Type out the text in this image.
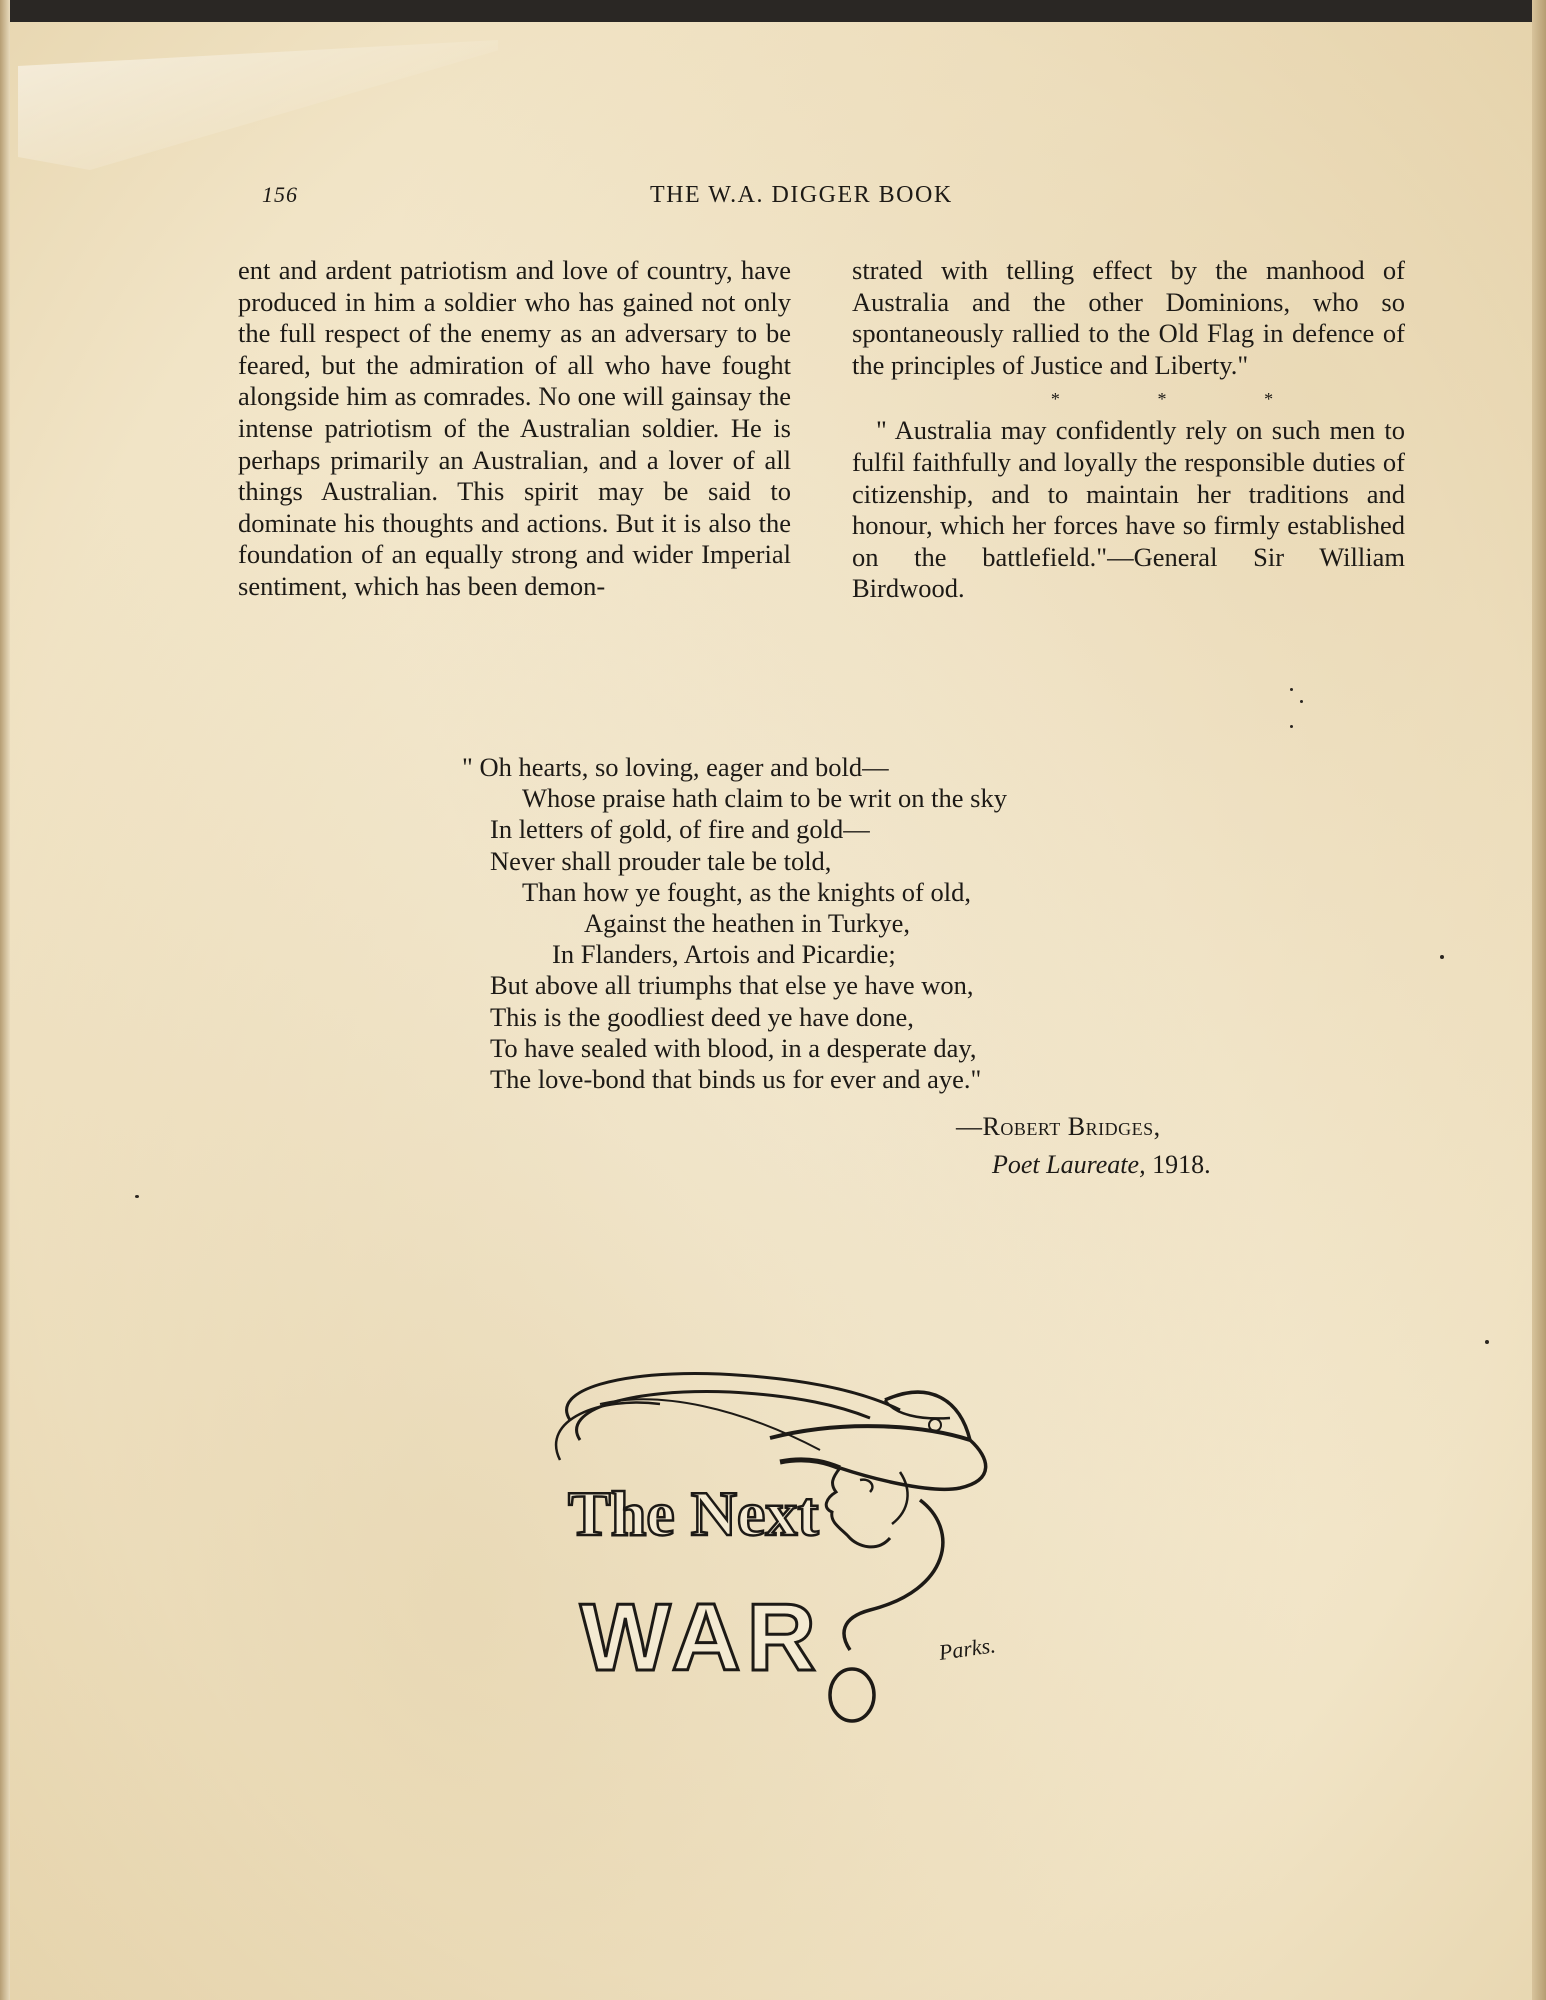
156	THE W.A. DIGGER BOOK

ent and ardent patriotism and love of country, have produced in him a soldier who has gained not only the full respect of the enemy as an adversary to be feared, but the admiration of all who have fought alongside him as comrades. No one will gainsay the intense patriotism of the Australian soldier. He is perhaps primarily an Australian, and a lover of all things Australian. This spirit may be said to dominate his thoughts and actions. But it is also the foundation of an equally strong and wider Imperial sentiment, which has been demon-

strated with telling effect by the manhood of Australia and the other Dominions, who so spontaneously rallied to the Old Flag in defence of the principles of Justice and Liberty."

*	*	*

" Australia may confidently rely on such men to fulfil faithfully and loyally the responsible duties of citizenship, and to maintain her traditions and honour, which her forces have so firmly established on the battlefield."—General Sir William Birdwood.

" Oh hearts, so loving, eager and bold—
Whose praise hath claim to be writ on the sky
In letters of gold, of fire and gold—
Never shall prouder tale be told,
Than how ye fought, as the knights of old,
Against the heathen in Turkye,
In Flanders, Artois and Picardie;
But above all triumphs that else ye have won,
This is the goodliest deed ye have done,
To have sealed with blood, in a desperate day,
The love-bond that binds us for ever and aye."
—Robert Bridges,
Poet Laureate, 1918.
The Next
WAR	Parks.
